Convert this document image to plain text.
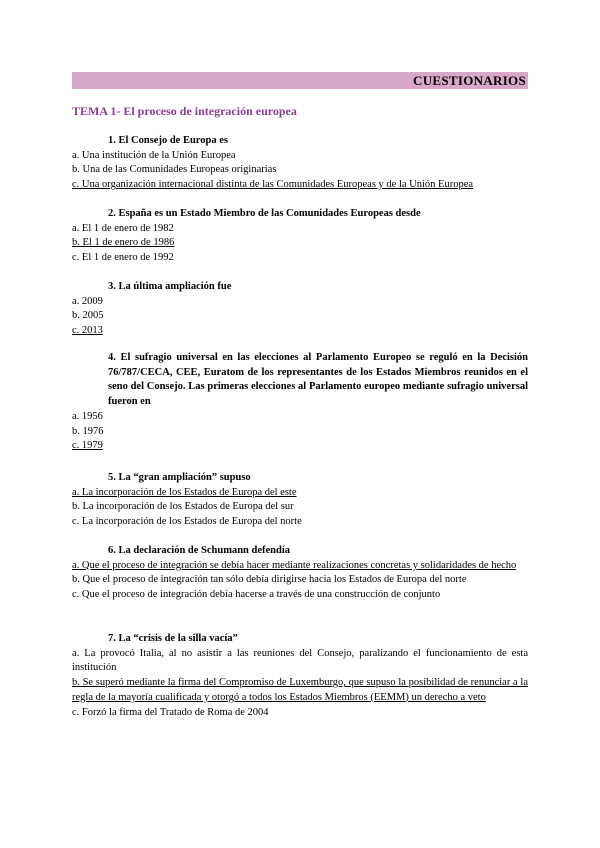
CUESTIONARIOS
TEMA 1- El proceso de integración europea
1. El Consejo de Europa es
a. Una institución de la Unión Europea
b. Una de las Comunidades Europeas originarias
c. Una organización internacional distinta de las Comunidades Europeas y de la Unión Europea
2. España es un Estado Miembro de las Comunidades Europeas desde
a. El 1 de enero de 1982
b. El 1 de enero de 1986
c. El 1 de enero de 1992
3. La última ampliación fue
a. 2009
b. 2005
c. 2013
4. El sufragio universal en las elecciones al Parlamento Europeo se reguló en la Decisión 76/787/CECA, CEE, Euratom de los representantes de los Estados Miembros reunidos en el seno del Consejo. Las primeras elecciones al Parlamento europeo mediante sufragio universal fueron en
a. 1956
b. 1976
c. 1979
5. La “gran ampliación” supuso
a. La incorporación de los Estados de Europa del este
b. La incorporación de los Estados de Europa del sur
c. La incorporación de los Estados de Europa del norte
6. La declaración de Schumann defendía
a. Que el proceso de integración se debía hacer mediante realizaciones concretas y solidaridades de hecho
b. Que el proceso de integración tan sólo debía dirigirse hacia los Estados de Europa del norte
c. Que el proceso de integración debía hacerse a través de una construcción de conjunto
7. La “crisis de la silla vacía”
a. La provocó Italia, al no asistir a las reuniones del Consejo, paralizando el funcionamiento de esta institución
b. Se superó mediante la firma del Compromiso de Luxemburgo, que supuso la posibilidad de renunciar a la regla de la mayoría cualificada y otorgó a todos los Estados Miembros (EEMM) un derecho a veto
c. Forzó la firma del Tratado de Roma de 2004
